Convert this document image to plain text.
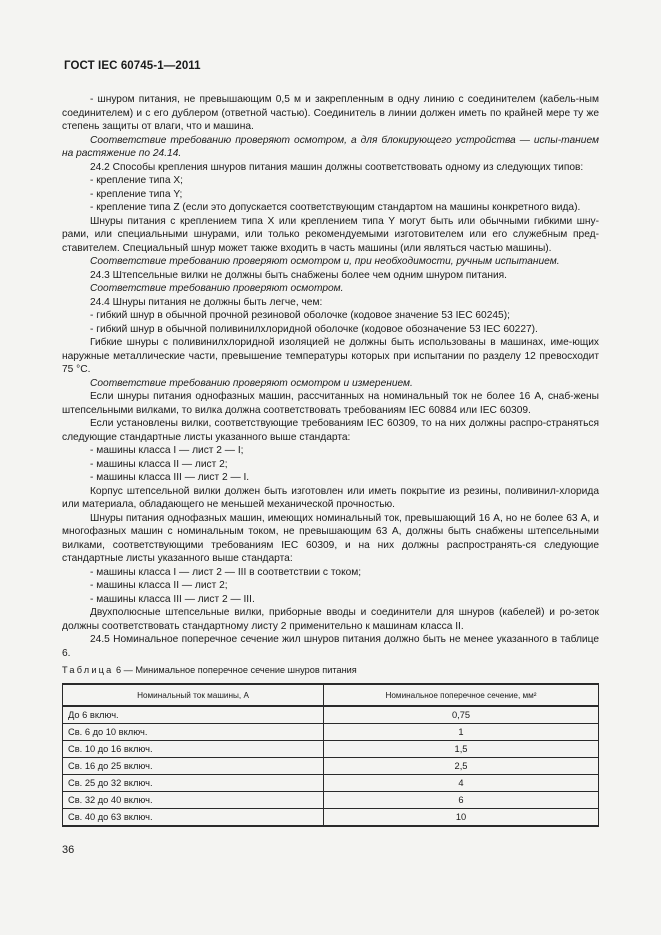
ГОСТ IEC 60745-1—2011

- шнуром питания, не превышающим 0,5 м и закрепленным в одну линию с соединителем (кабель-ным соединителем) и с его дублером (ответной частью). Соединитель в линии должен иметь по крайней мере ту же степень защиты от влаги, что и машина.

Соответствие требованию проверяют осмотром, а для блокирующего устройства — испы-танием на растяжение по 24.14.

24.2 Способы крепления шнуров питания машин должны соответствовать одному из следующих типов:

- крепление типа X;

- крепление типа Y;

- крепление типа Z (если это допускается соответствующим стандартом на машины конкретного вида).

Шнуры питания с креплением типа X или креплением типа Y могут быть или обычными гибкими шну-рами, или специальными шнурами, или только рекомендуемыми изготовителем или его служебным пред-ставителем. Специальный шнур может также входить в часть машины (или являться частью машины).

Соответствие требованию проверяют осмотром и, при необходимости, ручным испытанием.

24.3 Штепсельные вилки не должны быть снабжены более чем одним шнуром питания.

Соответствие требованию проверяют осмотром.

24.4 Шнуры питания не должны быть легче, чем:

- гибкий шнур в обычной прочной резиновой оболочке (кодовое значение 53 IEC 60245);

- гибкий шнур в обычной поливинилхлоридной оболочке (кодовое обозначение 53 IEC 60227).

Гибкие шнуры с поливинилхлоридной изоляцией не должны быть использованы в машинах, име-ющих наружные металлические части, превышение температуры которых при испытании по разделу 12 превосходит 75 °С.

Соответствие требованию проверяют осмотром и измерением.

Если шнуры питания однофазных машин, рассчитанных на номинальный ток не более 16 А, снаб-жены штепсельными вилками, то вилка должна соответствовать требованиям IEC 60884 или IEC 60309.

Если установлены вилки, соответствующие требованиям IEC 60309, то на них должны распро-страняться следующие стандартные листы указанного выше стандарта:

- машины класса I — лист 2 — I;

- машины класса II — лист 2;

- машины класса III — лист 2 — I.

Корпус штепсельной вилки должен быть изготовлен или иметь покрытие из резины, поливинил-хлорида или материала, обладающего не меньшей механической прочностью.

Шнуры питания однофазных машин, имеющих номинальный ток, превышающий 16 А, но не более 63 А, и многофазных машин с номинальным током, не превышающим 63 А, должны быть снабжены штепсельными вилками, соответствующими требованиям IEC 60309, и на них должны распространять-ся следующие стандартные листы указанного выше стандарта:

- машины класса I — лист 2 — III в соответствии с током;

- машины класса II — лист 2;

- машины класса III — лист 2 — III.

Двухполюсные штепсельные вилки, приборные вводы и соединители для шнуров (кабелей) и ро-зеток должны соответствовать стандартному листу 2 применительно к машинам класса II.

24.5 Номинальное поперечное сечение жил шнуров питания должно быть не менее указанного в таблице 6.

Таблица 6 — Минимальное поперечное сечение шнуров питания
Номинальный ток машины, А	Номинальное поперечное сечение, мм²
До 6 включ.	0,75
Св. 6 до 10 включ.	1
Св. 10 до 16 включ.	1,5
Св. 16 до 25 включ.	2,5
Св. 25 до 32 включ.	4
Св. 32 до 40 включ.	6
Св. 40 до 63 включ.	10
36
